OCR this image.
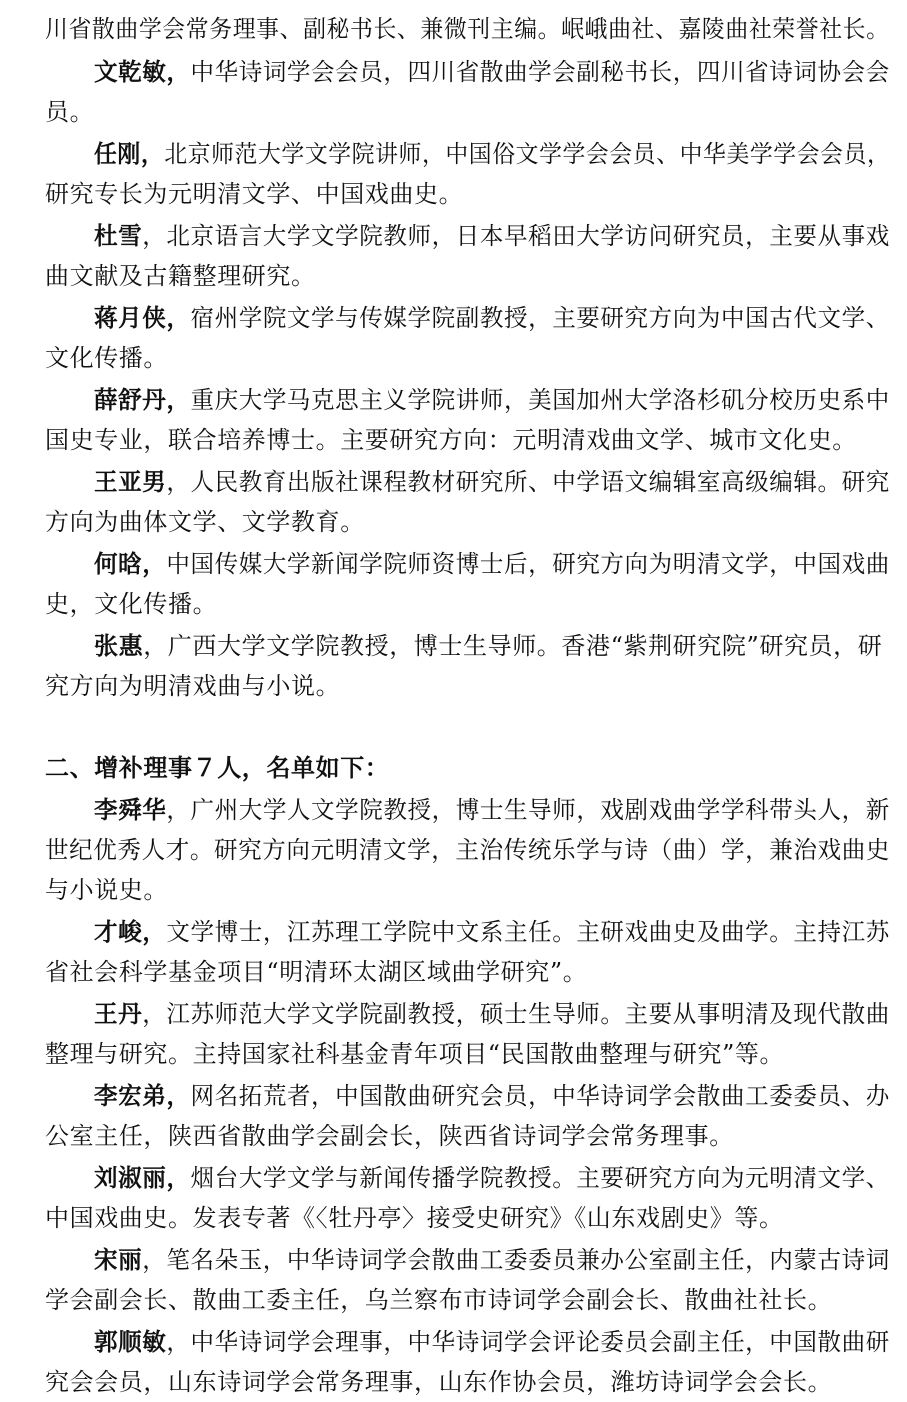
川省散曲学会常务理事、副秘书长、兼微刊主编。岷峨曲社、嘉陵曲社荣誉社长。
文乾敏，中华诗词学会会员，四川省散曲学会副秘书长，四川省诗词协会会
员。
任刚，北京师范大学文学院讲师，中国俗文学学会会员、中华美学学会会员，
研究专长为元明清文学、中国戏曲史。
杜雪，北京语言大学文学院教师，日本早稻田大学访问研究员，主要从事戏
曲文献及古籍整理研究。
蒋月侠，宿州学院文学与传媒学院副教授，主要研究方向为中国古代文学、
文化传播。
薛舒丹，重庆大学马克思主义学院讲师，美国加州大学洛杉矶分校历史系中
国史专业，联合培养博士。主要研究方向：元明清戏曲文学、城市文化史。
王亚男，人民教育出版社课程教材研究所、中学语文编辑室高级编辑。研究
方向为曲体文学、文学教育。
何晗，中国传媒大学新闻学院师资博士后，研究方向为明清文学，中国戏曲
史，文化传播。
张惠，广西大学文学院教授，博士生导师。香港“紫荆研究院”研究员，研
究方向为明清戏曲与小说。
二、增补理事７人，名单如下：
李舜华，广州大学人文学院教授，博士生导师，戏剧戏曲学学科带头人，新
世纪优秀人才。研究方向元明清文学，主治传统乐学与诗（曲）学，兼治戏曲史
与小说史。
才峻，文学博士，江苏理工学院中文系主任。主研戏曲史及曲学。主持江苏
省社会科学基金项目“明清环太湖区域曲学研究”。
王丹，江苏师范大学文学院副教授，硕士生导师。主要从事明清及现代散曲
整理与研究。主持国家社科基金青年项目“民国散曲整理与研究”等。
李宏弟，网名拓荒者，中国散曲研究会员，中华诗词学会散曲工委委员、办
公室主任，陕西省散曲学会副会长，陕西省诗词学会常务理事。
刘淑丽，烟台大学文学与新闻传播学院教授。主要研究方向为元明清文学、
中国戏曲史。发表专著《〈牡丹亭〉接受史研究》《山东戏剧史》等。
宋丽，笔名朵玉，中华诗词学会散曲工委委员兼办公室副主任，内蒙古诗词
学会副会长、散曲工委主任，乌兰察布市诗词学会副会长、散曲社社长。
郭顺敏，中华诗词学会理事，中华诗词学会评论委员会副主任，中国散曲研
究会会员，山东诗词学会常务理事，山东作协会员，潍坊诗词学会会长。
